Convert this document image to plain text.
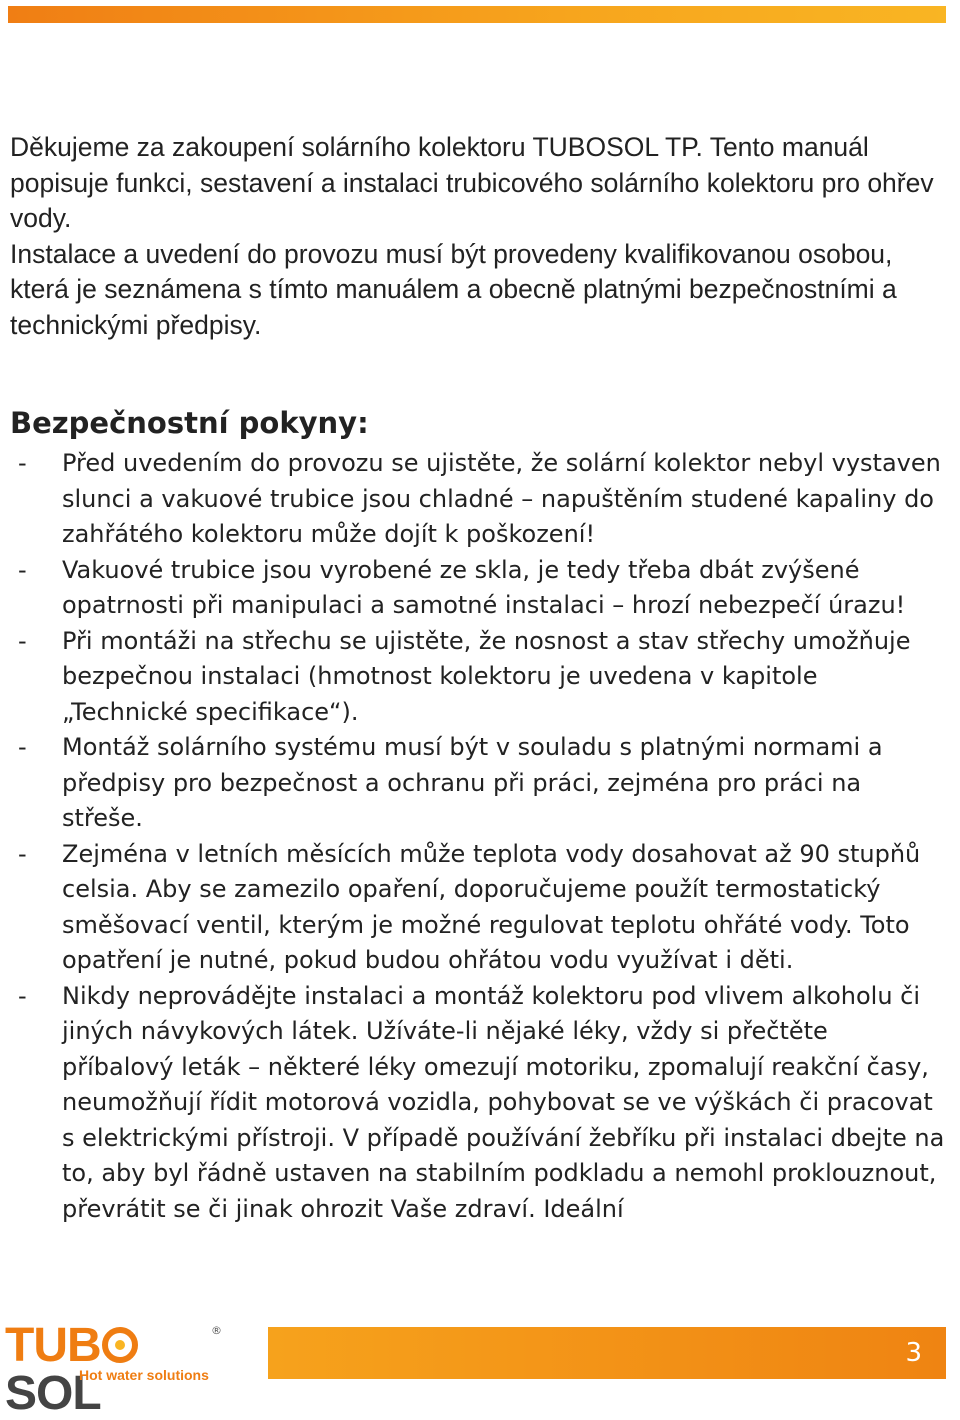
Děkujeme za zakoupení solárního kolektoru TUBOSOL TP. Tento manuál popisuje funkci, sestavení a instalaci trubicového solárního kolektoru pro ohřev vody.

Instalace a uvedení do provozu musí být provedeny kvalifikovanou osobou, která je seznámena s tímto manuálem a obecně platnými bezpečnostními a technickými předpisy.

Bezpečnostní pokyny:
- Před uvedením do provozu se ujistěte, že solární kolektor nebyl vystaven slunci a vakuové trubice jsou chladné – napuštěním studené kapaliny do zahřátého kolektoru může dojít k poškození!
- Vakuové trubice jsou vyrobené ze skla, je tedy třeba dbát zvýšené opatrnosti při manipulaci a samotné instalaci – hrozí nebezpečí úrazu!
- Při montáži na střechu se ujistěte, že nosnost a stav střechy umožňuje bezpečnou instalaci (hmotnost kolektoru je uvedena v kapitole „Technické specifikace“).
- Montáž solárního systému musí být v souladu s platnými normami a předpisy pro bezpečnost a ochranu při práci, zejména pro práci na střeše.
- Zejména v letních měsících může teplota vody dosahovat až 90 stupňů celsia. Aby se zamezilo opaření, doporučujeme použít termostatický směšovací ventil, kterým je možné regulovat teplotu ohřáté vody. Toto opatření je nutné, pokud budou ohřátou vodu využívat i děti.
- Nikdy neprovádějte instalaci a montáž kolektoru pod vlivem alkoholu či jiných návykových látek. Užíváte-li nějaké léky, vždy si přečtěte příbalový leták – některé léky omezují motoriku, zpomalují reakční časy, neumožňují řídit motorová vozidla, pohybovat se ve výškách či pracovat s elektrickými přístroji. V případě používání žebříku při instalaci dbejte na to, aby byl řádně ustaven na stabilním podkladu a nemohl proklouznout, převrátit se či jinak ohrozit Vaše zdraví. Ideální
TUBSOL
®
Hot water solutions
3
